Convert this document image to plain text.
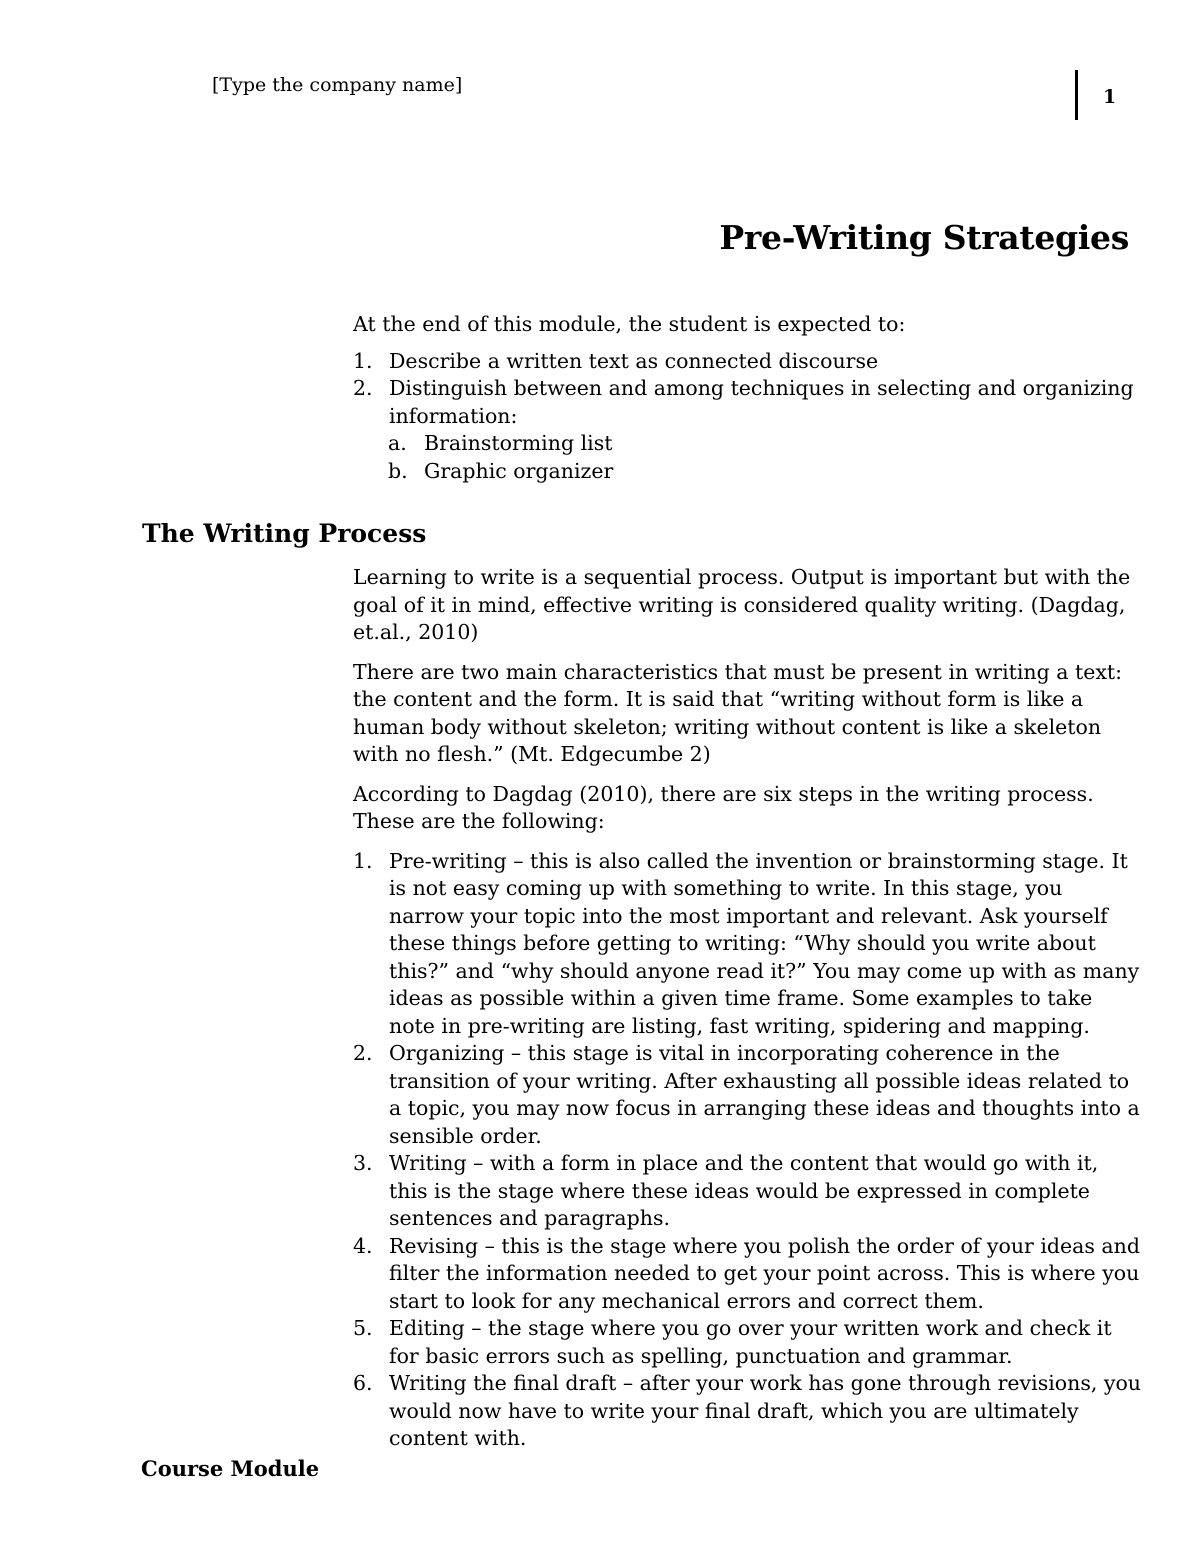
[Type the company name]
1
Pre-Writing Strategies

At the end of this module, the student is expected to:

1. Describe a written text as connected discourse
2. Distinguish between and among techniques in selecting and organizing information:
a. Brainstorming list
b. Graphic organizer
The Writing Process

Learning to write is a sequential process. Output is important but with the goal of it in mind, effective writing is considered quality writing. (Dagdag, et.al., 2010)

There are two main characteristics that must be present in writing a text: the content and the form. It is said that “writing without form is like a human body without skeleton; writing without content is like a skeleton with no flesh.” (Mt. Edgecumbe 2)

According to Dagdag (2010), there are six steps in the writing process. These are the following:

1. Pre-writing – this is also called the invention or brainstorming stage. It is not easy coming up with something to write. In this stage, you narrow your topic into the most important and relevant. Ask yourself these things before getting to writing: “Why should you write about this?” and “why should anyone read it?” You may come up with as many ideas as possible within a given time frame. Some examples to take note in pre-writing are listing, fast writing, spidering and mapping.
2. Organizing – this stage is vital in incorporating coherence in the transition of your writing. After exhausting all possible ideas related to a topic, you may now focus in arranging these ideas and thoughts into a sensible order.
3. Writing – with a form in place and the content that would go with it, this is the stage where these ideas would be expressed in complete sentences and paragraphs.
4. Revising – this is the stage where you polish the order of your ideas and filter the information needed to get your point across. This is where you start to look for any mechanical errors and correct them.
5. Editing – the stage where you go over your written work and check it for basic errors such as spelling, punctuation and grammar.
6. Writing the final draft – after your work has gone through revisions, you would now have to write your final draft, which you are ultimately content with.
Course Module
